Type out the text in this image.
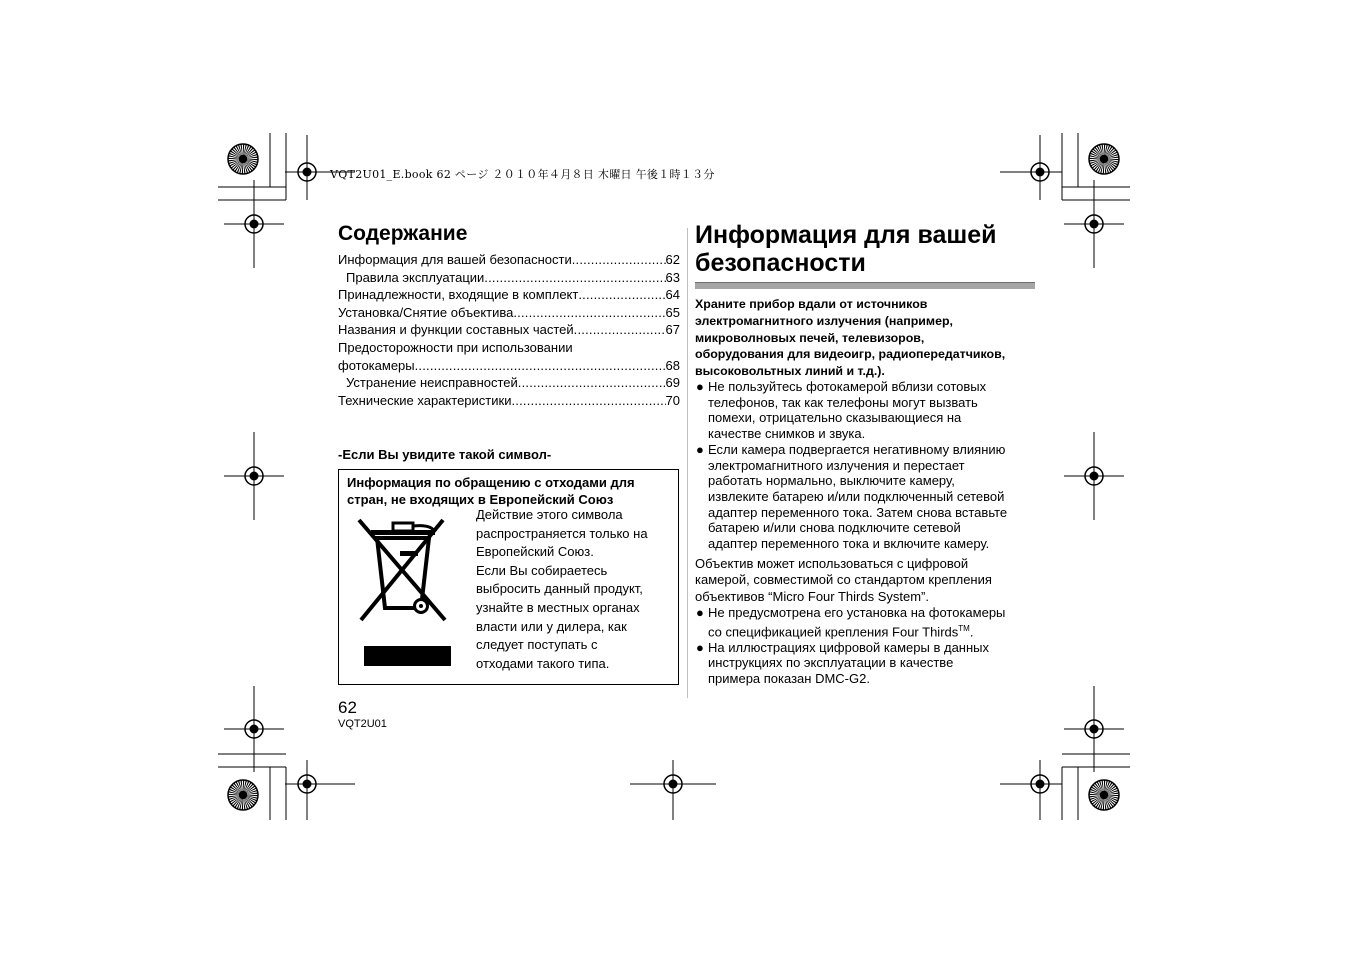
VQT2U01_E.book 62 ページ ２０１０年４月８日 木曜日 午後１時１３分
Содержание
Информация для вашей безопасности .....	62
Правила эксплуатации .....	63
Принадлежности, входящие в комплект .....	64
Установка/Снятие объектива .....	65
Названия и функции составных частей .....	67
Предосторожности при использовании
фотокамеры .....	68
Устранение неисправностей .....	69
Технические характеристики .....	70
-Если Вы увидите такой символ-
Информация по обращению с отходами для стран, не входящих в Европейский Союз
Действие этого символа
распространяется только на
Европейский Союз.
Если Вы собираетесь
выбросить данный продукт,
узнайте в местных органах
власти или у дилера, как
следует поступать с
отходами такого типа.
62
VQT2U01
Информация для вашей
безопасности
Храните прибор вдали от источников
электромагнитного излучения (например,
микроволновых печей, телевизоров,
оборудования для видеоигр, радиопередатчиков,
высоковольтных линий и т.д.).
● Не пользуйтесь фотокамерой вблизи сотовых
телефонов, так как телефоны могут вызвать
помехи, отрицательно сказывающиеся на
качестве снимков и звука.
● Если камера подвергается негативному влиянию
электромагнитного излучения и перестает
работать нормально, выключите камеру,
извлеките батарею и/или подключенный сетевой
адаптер переменного тока. Затем снова вставьте
батарею и/или снова подключите сетевой
адаптер переменного тока и включите камеру.
Объектив может использоваться с цифровой
камерой, совместимой со стандартом крепления
объективов “Micro Four Thirds System”.
● Не предусмотрена его установка на фотокамеры
со спецификацией крепления Four Thirds™.
● На иллюстрациях цифровой камеры в данных
инструкциях по эксплуатации в качестве
примера показан DMC-G2.
